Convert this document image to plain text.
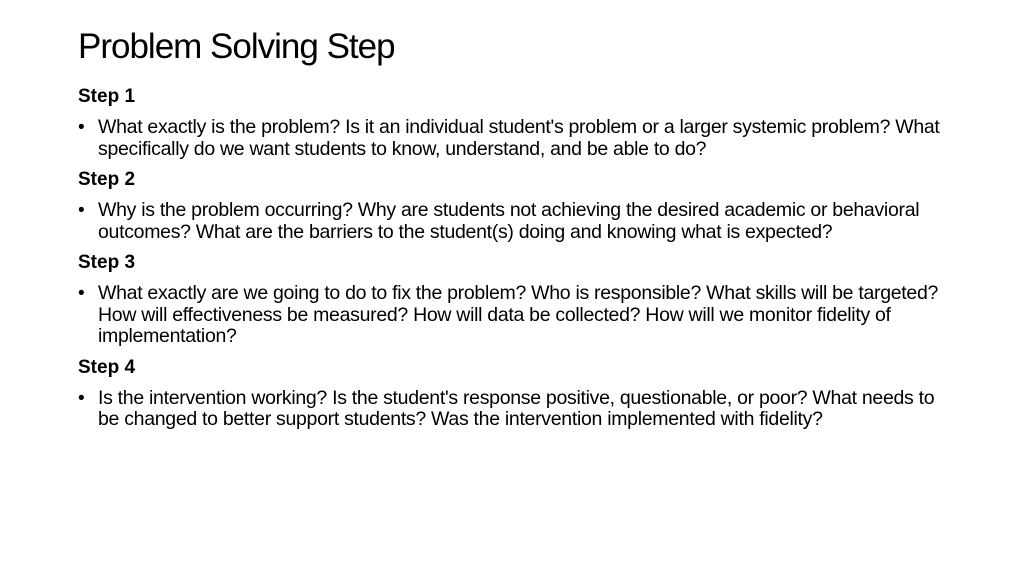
Problem Solving Step
Step 1
• What exactly is the problem? Is it an individual student's problem or a larger systemic problem? What specifically do we want students to know, understand, and be able to do?
Step 2
• Why is the problem occurring? Why are students not achieving the desired academic or behavioral outcomes? What are the barriers to the student(s) doing and knowing what is expected?
Step 3
• What exactly are we going to do to fix the problem? Who is responsible? What skills will be targeted? How will effectiveness be measured? How will data be collected? How will we monitor fidelity of implementation?
Step 4
• Is the intervention working? Is the student's response positive, questionable, or poor? What needs to be changed to better support students? Was the intervention implemented with fidelity?
